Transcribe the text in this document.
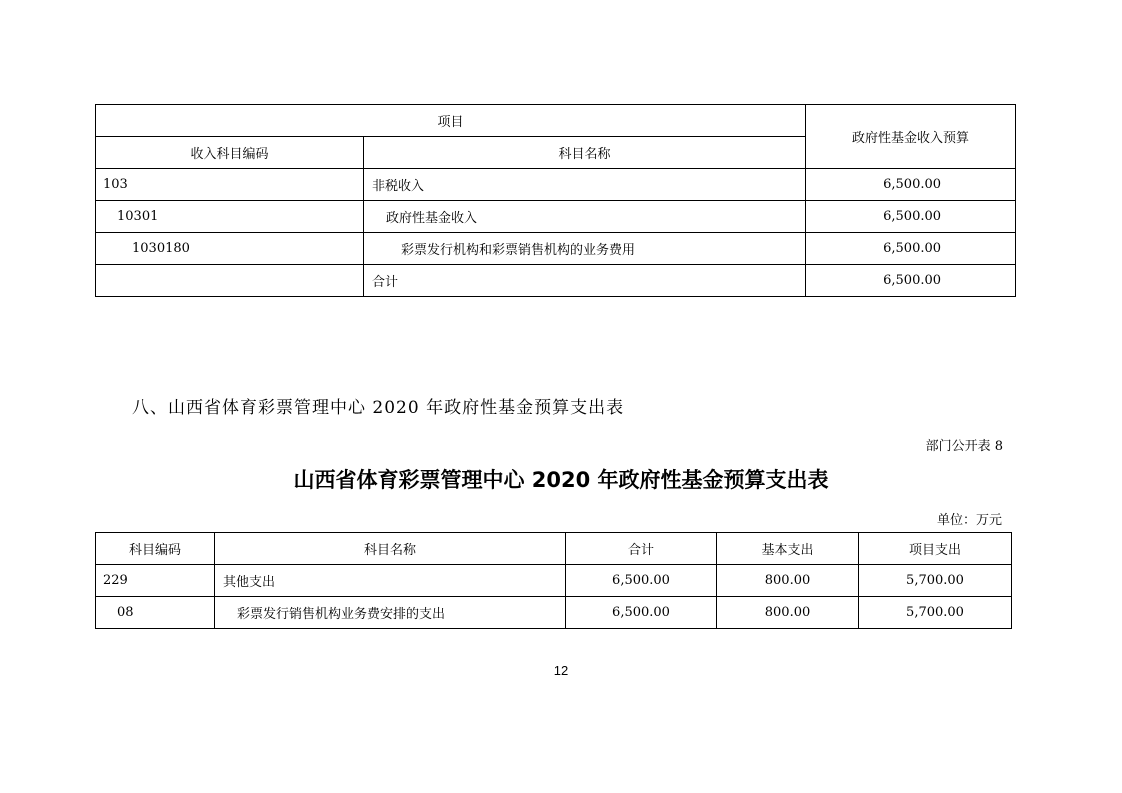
项目		政府性基金收入预算
收入科目编码	科目名称	
103	非税收入	6,500.00
10301	政府性基金收入	6,500.00
1030180	彩票发行机构和彩票销售机构的业务费用	6,500.00
	合计	6,500.00
八、山西省体育彩票管理中心 2020 年政府性基金预算支出表
部门公开表 8
山西省体育彩票管理中心 2020 年政府性基金预算支出表
单位：万元
科目编码	科目名称	合计	基本支出	项目支出
229	其他支出	6,500.00	800.00	5,700.00
08	彩票发行销售机构业务费安排的支出	6,500.00	800.00	5,700.00
12
